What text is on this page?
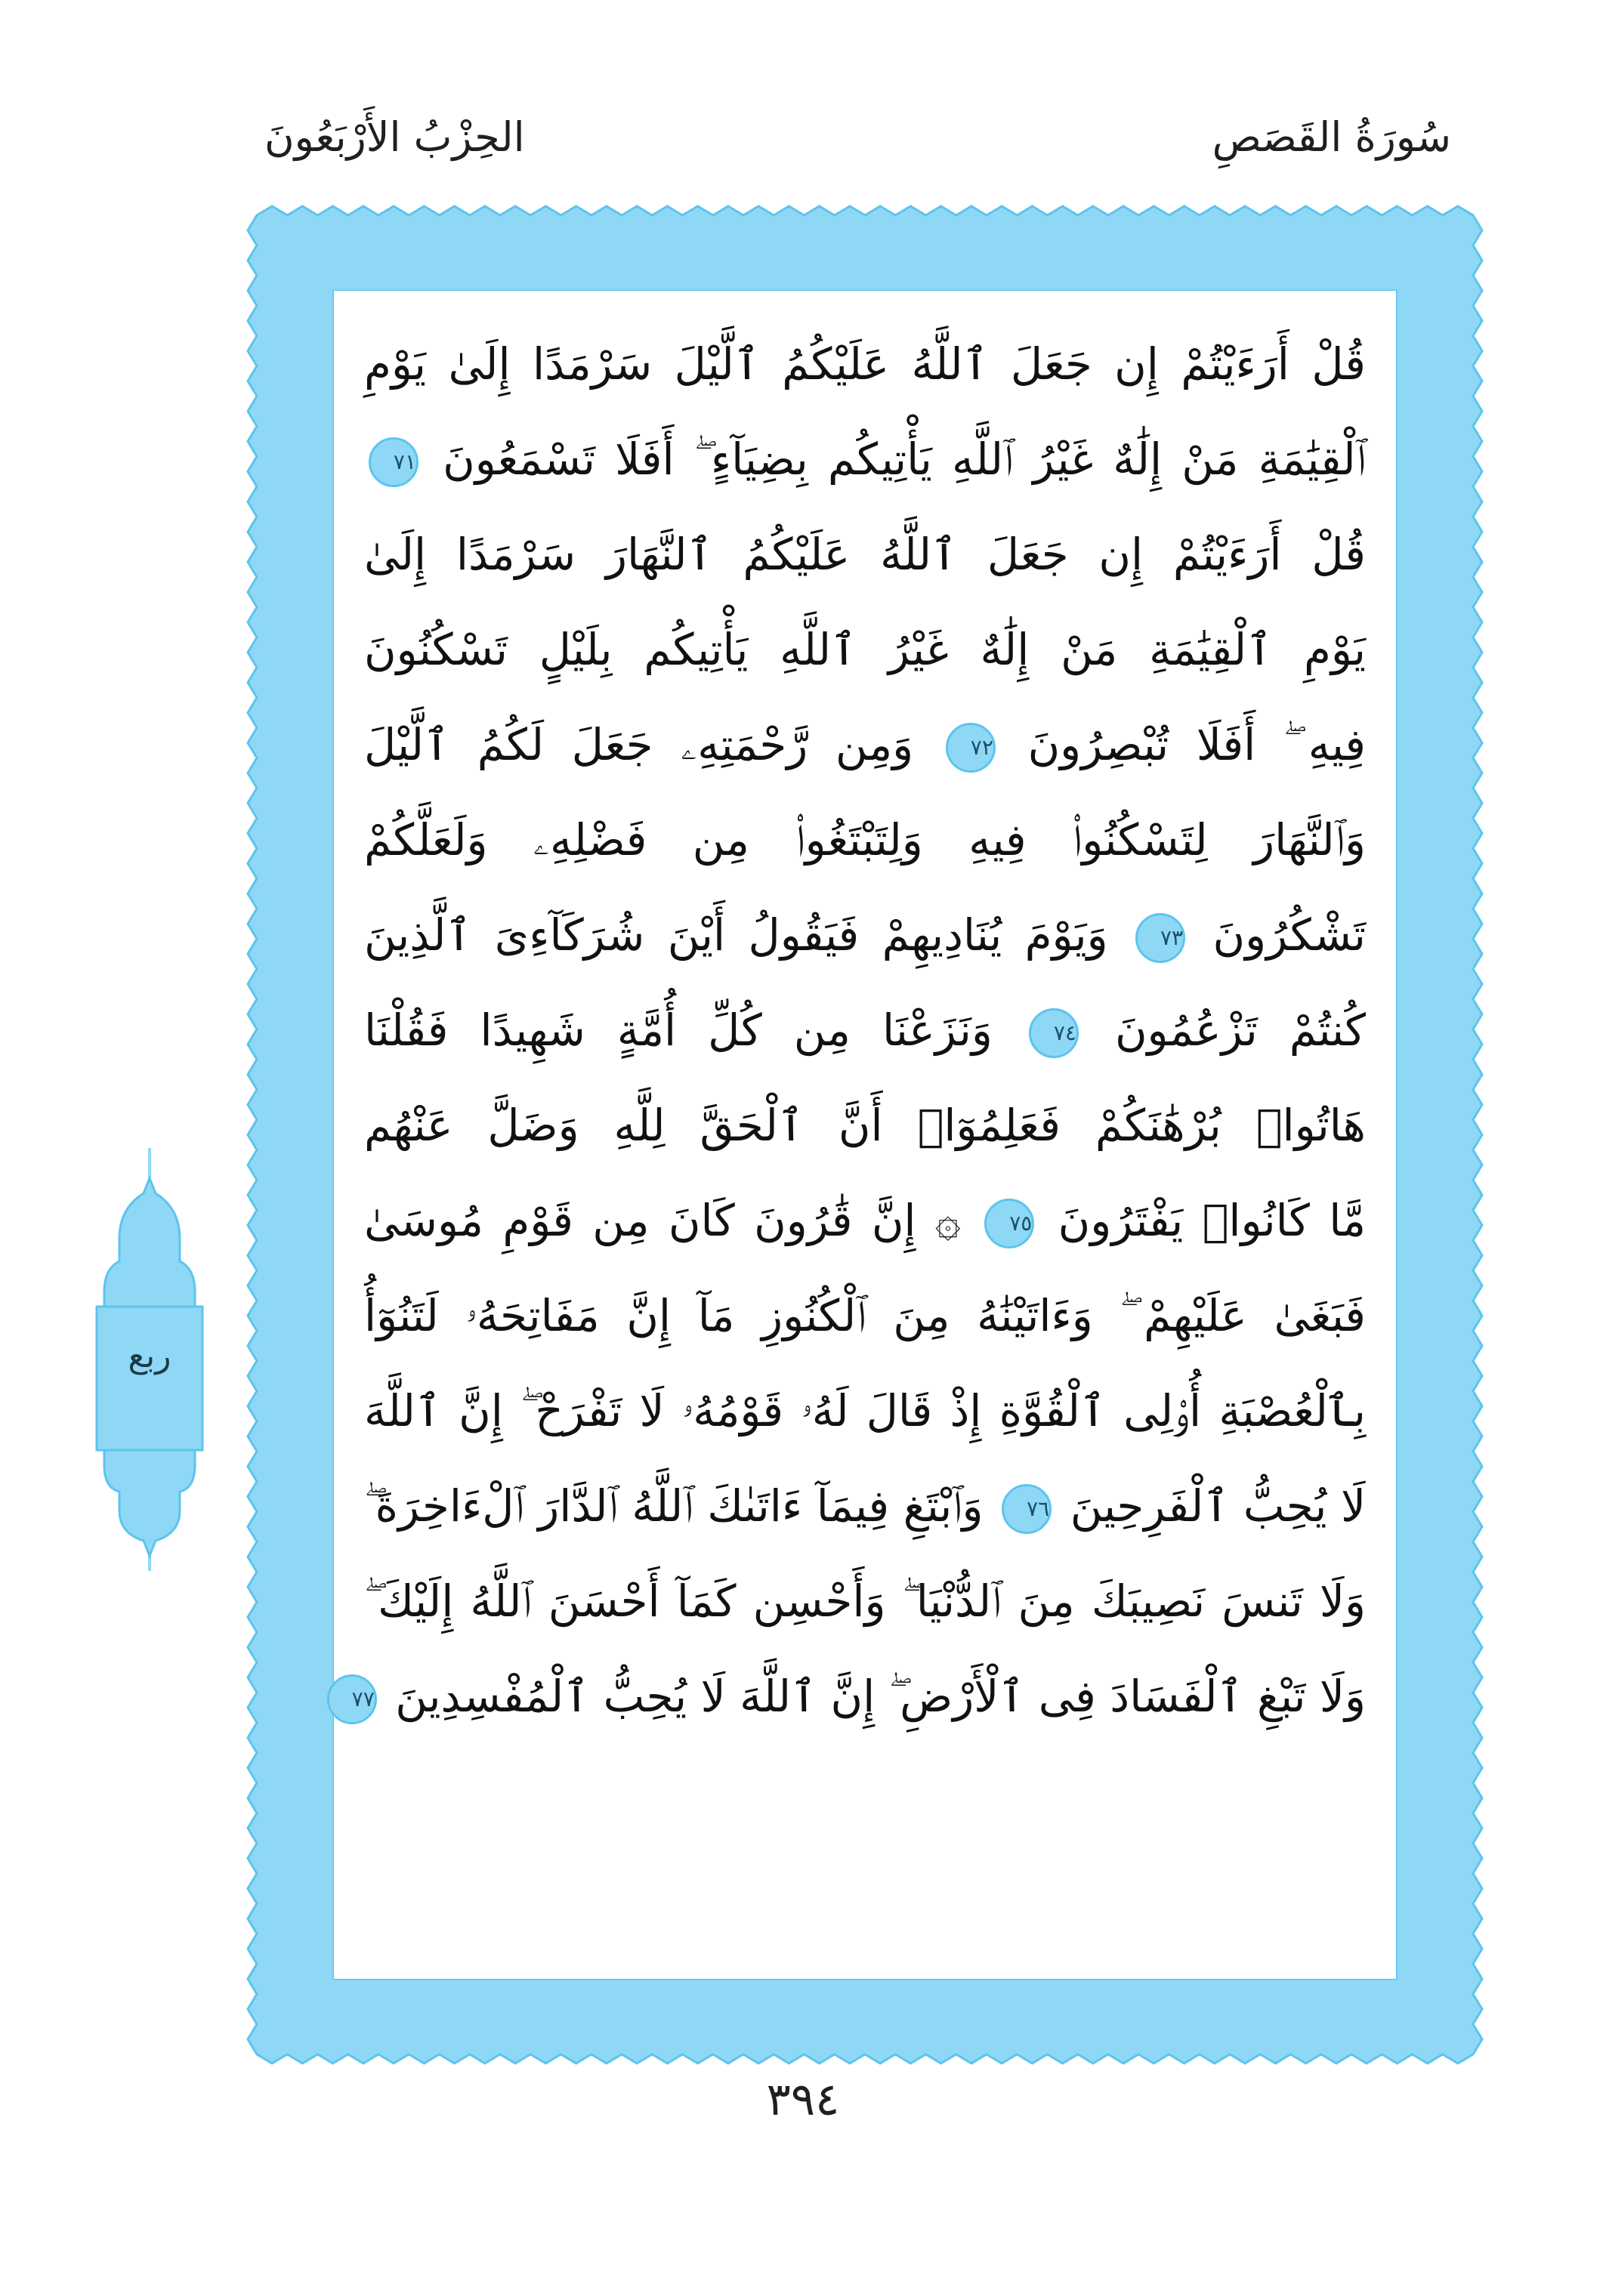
سُورَةُ القَصَصِ
الحِزْبُ الأَرْبَعُونَ
قُلْ أَرَءَيْتُمْ إِن جَعَلَ ٱللَّهُ عَلَيْكُمُ ٱلَّيْلَ سَرْمَدًا إِلَىٰ يَوْمِ
ٱلْقِيَٰمَةِ مَنْ إِلَٰهٌ غَيْرُ ٱللَّهِ يَأْتِيكُم بِضِيَآءٍ ۖ أَفَلَا تَسْمَعُونَ ٧١
قُلْ أَرَءَيْتُمْ إِن جَعَلَ ٱللَّهُ عَلَيْكُمُ ٱلنَّهَارَ سَرْمَدًا إِلَىٰ
يَوْمِ ٱلْقِيَٰمَةِ مَنْ إِلَٰهٌ غَيْرُ ٱللَّهِ يَأْتِيكُم بِلَيْلٍ تَسْكُنُونَ
فِيهِ ۖ أَفَلَا تُبْصِرُونَ ٧٢ وَمِن رَّحْمَتِهِۦ جَعَلَ لَكُمُ ٱلَّيْلَ
وَٱلنَّهَارَ لِتَسْكُنُوا۟ فِيهِ وَلِتَبْتَغُوا۟ مِن فَضْلِهِۦ وَلَعَلَّكُمْ
تَشْكُرُونَ ٧٣ وَيَوْمَ يُنَادِيهِمْ فَيَقُولُ أَيْنَ شُرَكَآءِىَ ٱلَّذِينَ
كُنتُمْ تَزْعُمُونَ ٧٤ وَنَزَعْنَا مِن كُلِّ أُمَّةٍ شَهِيدًا فَقُلْنَا
هَاتُوا۟ بُرْهَٰنَكُمْ فَعَلِمُوٓا۟ أَنَّ ٱلْحَقَّ لِلَّهِ وَضَلَّ عَنْهُم
مَّا كَانُوا۟ يَفْتَرُونَ ٧٥ ۞ إِنَّ قَٰرُونَ كَانَ مِن قَوْمِ مُوسَىٰ
فَبَغَىٰ عَلَيْهِمْ ۖ وَءَاتَيْنَٰهُ مِنَ ٱلْكُنُوزِ مَآ إِنَّ مَفَاتِحَهُۥ لَتَنُوٓأُ
بِٱلْعُصْبَةِ أُو۟لِى ٱلْقُوَّةِ إِذْ قَالَ لَهُۥ قَوْمُهُۥ لَا تَفْرَحْ ۖ إِنَّ ٱللَّهَ
لَا يُحِبُّ ٱلْفَرِحِينَ ٧٦ وَٱبْتَغِ فِيمَآ ءَاتَىٰكَ ٱللَّهُ ٱلدَّارَ ٱلْءَاخِرَةَ ۖ
وَلَا تَنسَ نَصِيبَكَ مِنَ ٱلدُّنْيَا ۖ وَأَحْسِن كَمَآ أَحْسَنَ ٱللَّهُ إِلَيْكَ ۖ
وَلَا تَبْغِ ٱلْفَسَادَ فِى ٱلْأَرْضِ ۖ إِنَّ ٱللَّهَ لَا يُحِبُّ ٱلْمُفْسِدِينَ ٧٧
ربع
٣٩٤
